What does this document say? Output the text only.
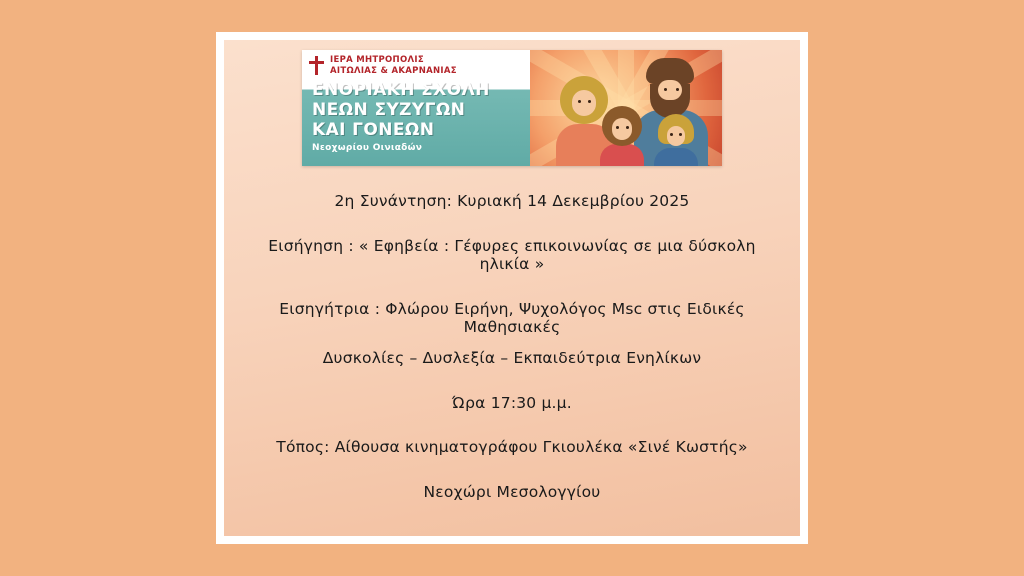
ΙΕΡΑ ΜΗΤΡΟΠΟΛΙΣ
ΑΙΤΩΛΙΑΣ & ΑΚΑΡΝΑΝΙΑΣ
ΕΝΟΡΙΑΚΗ ΣΧΟΛΗ
ΝΕΩΝ ΣΥΖΥΓΩΝ
ΚΑΙ ΓΟΝΕΩΝ
Νεοχωρίου Οινιαδών

2η Συνάντηση: Κυριακή 14 Δεκεμβρίου 2025

Εισήγηση : « Εφηβεία : Γέφυρες επικοινωνίας σε μια δύσκολη ηλικία »

Εισηγήτρια : Φλώρου Ειρήνη, Ψυχολόγος Msc στις Ειδικές Μαθησιακές

Δυσκολίες – Δυσλεξία – Εκπαιδεύτρια Ενηλίκων

Ώρα 17:30 μ.μ.

Τόπος: Αίθουσα κινηματογράφου Γκιουλέκα «Σινέ Κωστής»

Νεοχώρι Μεσολογγίου
